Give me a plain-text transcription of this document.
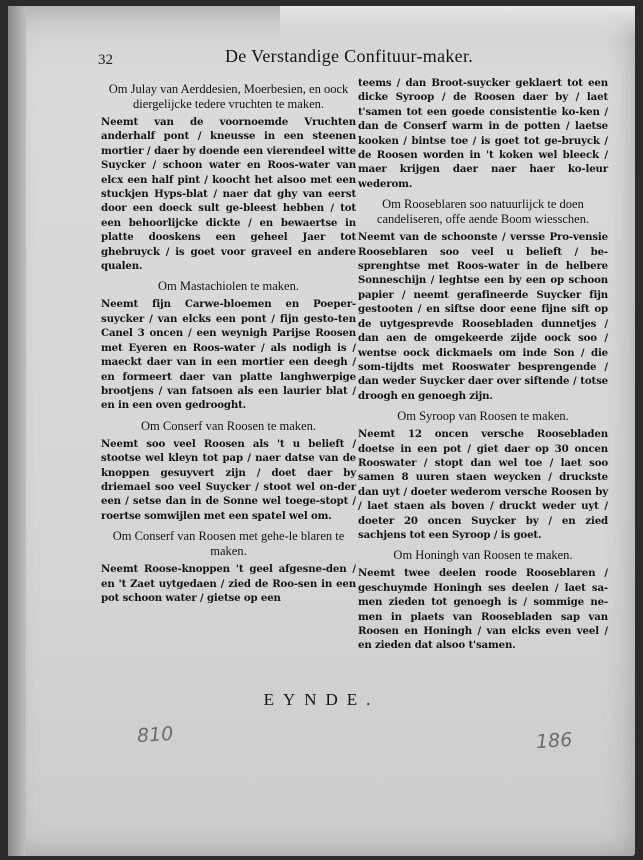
32	De Verstandige Confituur-maker.
Om Julay van Aerddesien, Moerbesien, en oock diergelijcke tedere vruchten te maken.

Neemt van de voornoemde Vruchten anderhalf pont / kneusse in een steenen mortier / daer by doende een vierendeel witte Suycker / schoon water en Roos-water van elcx een half pint / koocht het alsoo met een stuckjen Hyps-blat / naer dat ghy van eerst door een doeck sult ge-bleest hebben / tot een behoorlijcke dickte / en bewaertse in platte dooskens een geheel Jaer tot ghebruyck / is goet voor graveel en andere qualen.

Om Mastachiolen te maken.

Neemt fijn Carwe-bloemen en Poeper-suycker / van elcks een pont / fijn gesto-ten Canel 3 oncen / een weynigh Parijse Roosen met Eyeren en Roos-water / als nodigh is / maeckt daer van in een mortier een deegh / en formeert daer van platte langhwerpige brootjens / van fatsoen als een laurier blat / en in een oven gedrooght.

Om Conserf van Roosen te maken.

Neemt soo veel Roosen als 't u belieft / stootse wel kleyn tot pap / naer datse van de knoppen gesuyvert zijn / doet daer by driemael soo veel Suycker / stoot wel on-der een / setse dan in de Sonne wel toege-stopt / roertse somwijlen met een spatel wel om.

Om Conserf van Roosen met gehe-le blaren te maken.

Neemt Roose-knoppen 't geel afgesne-den / en 't Zaet uytgedaen / zied de Roo-sen in een pot schoon water / gietse op een

teems / dan Broot-suycker geklaert tot een dicke Syroop / de Roosen daer by / laet t'samen tot een goede consistentie ko-ken / dan de Conserf warm in de potten / laetse kooken / bintse toe / is goet tot ge-bruyck / de Roosen worden in 't koken wel bleeck / maer krijgen daer naer haer ko-leur wederom.

Om Rooseblaren soo natuurlijck te doen candeliseren, offe aende Boom wiesschen.

Neemt van de schoonste / versse Pro-vensie Rooseblaren soo veel u belieft / be-sprenghtse met Roos-water in de helbere Sonneschijn / leghtse een by een op schoon papier / neemt gerafineerde Suycker fijn gestooten / en siftse door eene fijne sift op de uytgesprevde Roosebladen dunnetjes / dan aen de omgekeerde zijde oock soo / wentse oock dickmaels om inde Son / die som-tijdts met Rooswater besprengende / dan weder Suycker daer over siftende / totse droogh en genoegh zijn.

Om Syroop van Roosen te maken.

Neemt 12 oncen versche Roosebladen doetse in een pot / giet daer op 30 oncen Rooswater / stopt dan wel toe / laet soo samen 8 uuren staen weycken / druckste dan uyt / doeter wederom versche Roosen by / laet staen als boven / druckt weder uyt / doeter 20 oncen Suycker by / en zied sachjens tot een Syroop / is goet.

Om Honingh van Roosen te maken.

Neemt twee deelen roode Rooseblaren / geschuymde Honingh ses deelen / laet sa-men zieden tot genoegh is / sommige ne-men in plaets van Roosebladen sap van Roosen en Honingh / van elcks even veel / en zieden dat alsoo t'samen.

EYNDE.
810	186
